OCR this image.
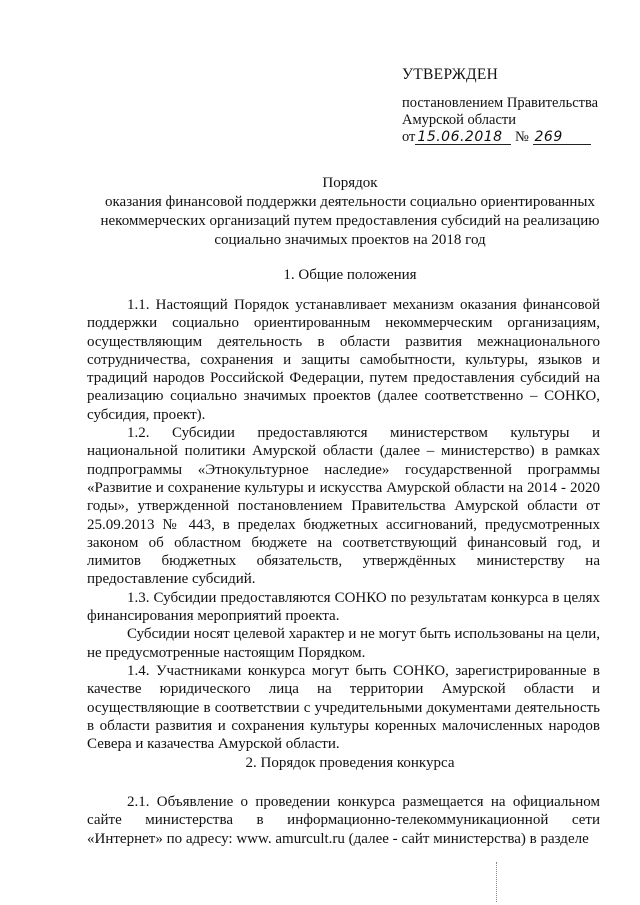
УТВЕРЖДЕН
постановлением Правительства
Амурской области
от 15.06.2018 № 269
Порядок
оказания финансовой поддержки деятельности социально ориентированных
некоммерческих организаций путем предоставления субсидий на реализацию
социально значимых проектов на 2018 год
1. Общие положения

1.1. Настоящий Порядок устанавливает механизм оказания финансовой поддержки социально ориентированным некоммерческим организациям, осуществляющим деятельность в области развития межнационального сотрудничества, сохранения и защиты самобытности, культуры, языков и традиций народов Российской Федерации, путем предоставления субсидий на реализацию социально значимых проектов (далее соответственно – СОНКО, субсидия, проект).

1.2. Субсидии предоставляются министерством культуры и национальной политики Амурской области (далее – министерство) в рамках подпрограммы «Этнокультурное наследие» государственной программы «Развитие и сохранение культуры и искусства Амурской области на 2014 - 2020 годы», утвержденной постановлением Правительства Амурской области от 25.09.2013 № 443, в пределах бюджетных ассигнований, предусмотренных законом об областном бюджете на соответствующий финансовый год, и лимитов бюджетных обязательств, утверждённых министерству на предоставление субсидий.

1.3. Субсидии предоставляются СОНКО по результатам конкурса в целях финансирования мероприятий проекта.

Субсидии носят целевой характер и не могут быть использованы на цели, не предусмотренные настоящим Порядком.

1.4. Участниками конкурса могут быть СОНКО, зарегистрированные в качестве юридического лица на территории Амурской области и осуществляющие в соответствии с учредительными документами деятельность в области развития и сохранения культуры коренных малочисленных народов Севера и казачества Амурской области.

2. Порядок проведения конкурса

2.1. Объявление о проведении конкурса размещается на официальном сайте министерства в информационно-телекоммуникационной сети «Интернет» по адресу: www. amurcult.ru (далее - сайт министерства) в разделе
